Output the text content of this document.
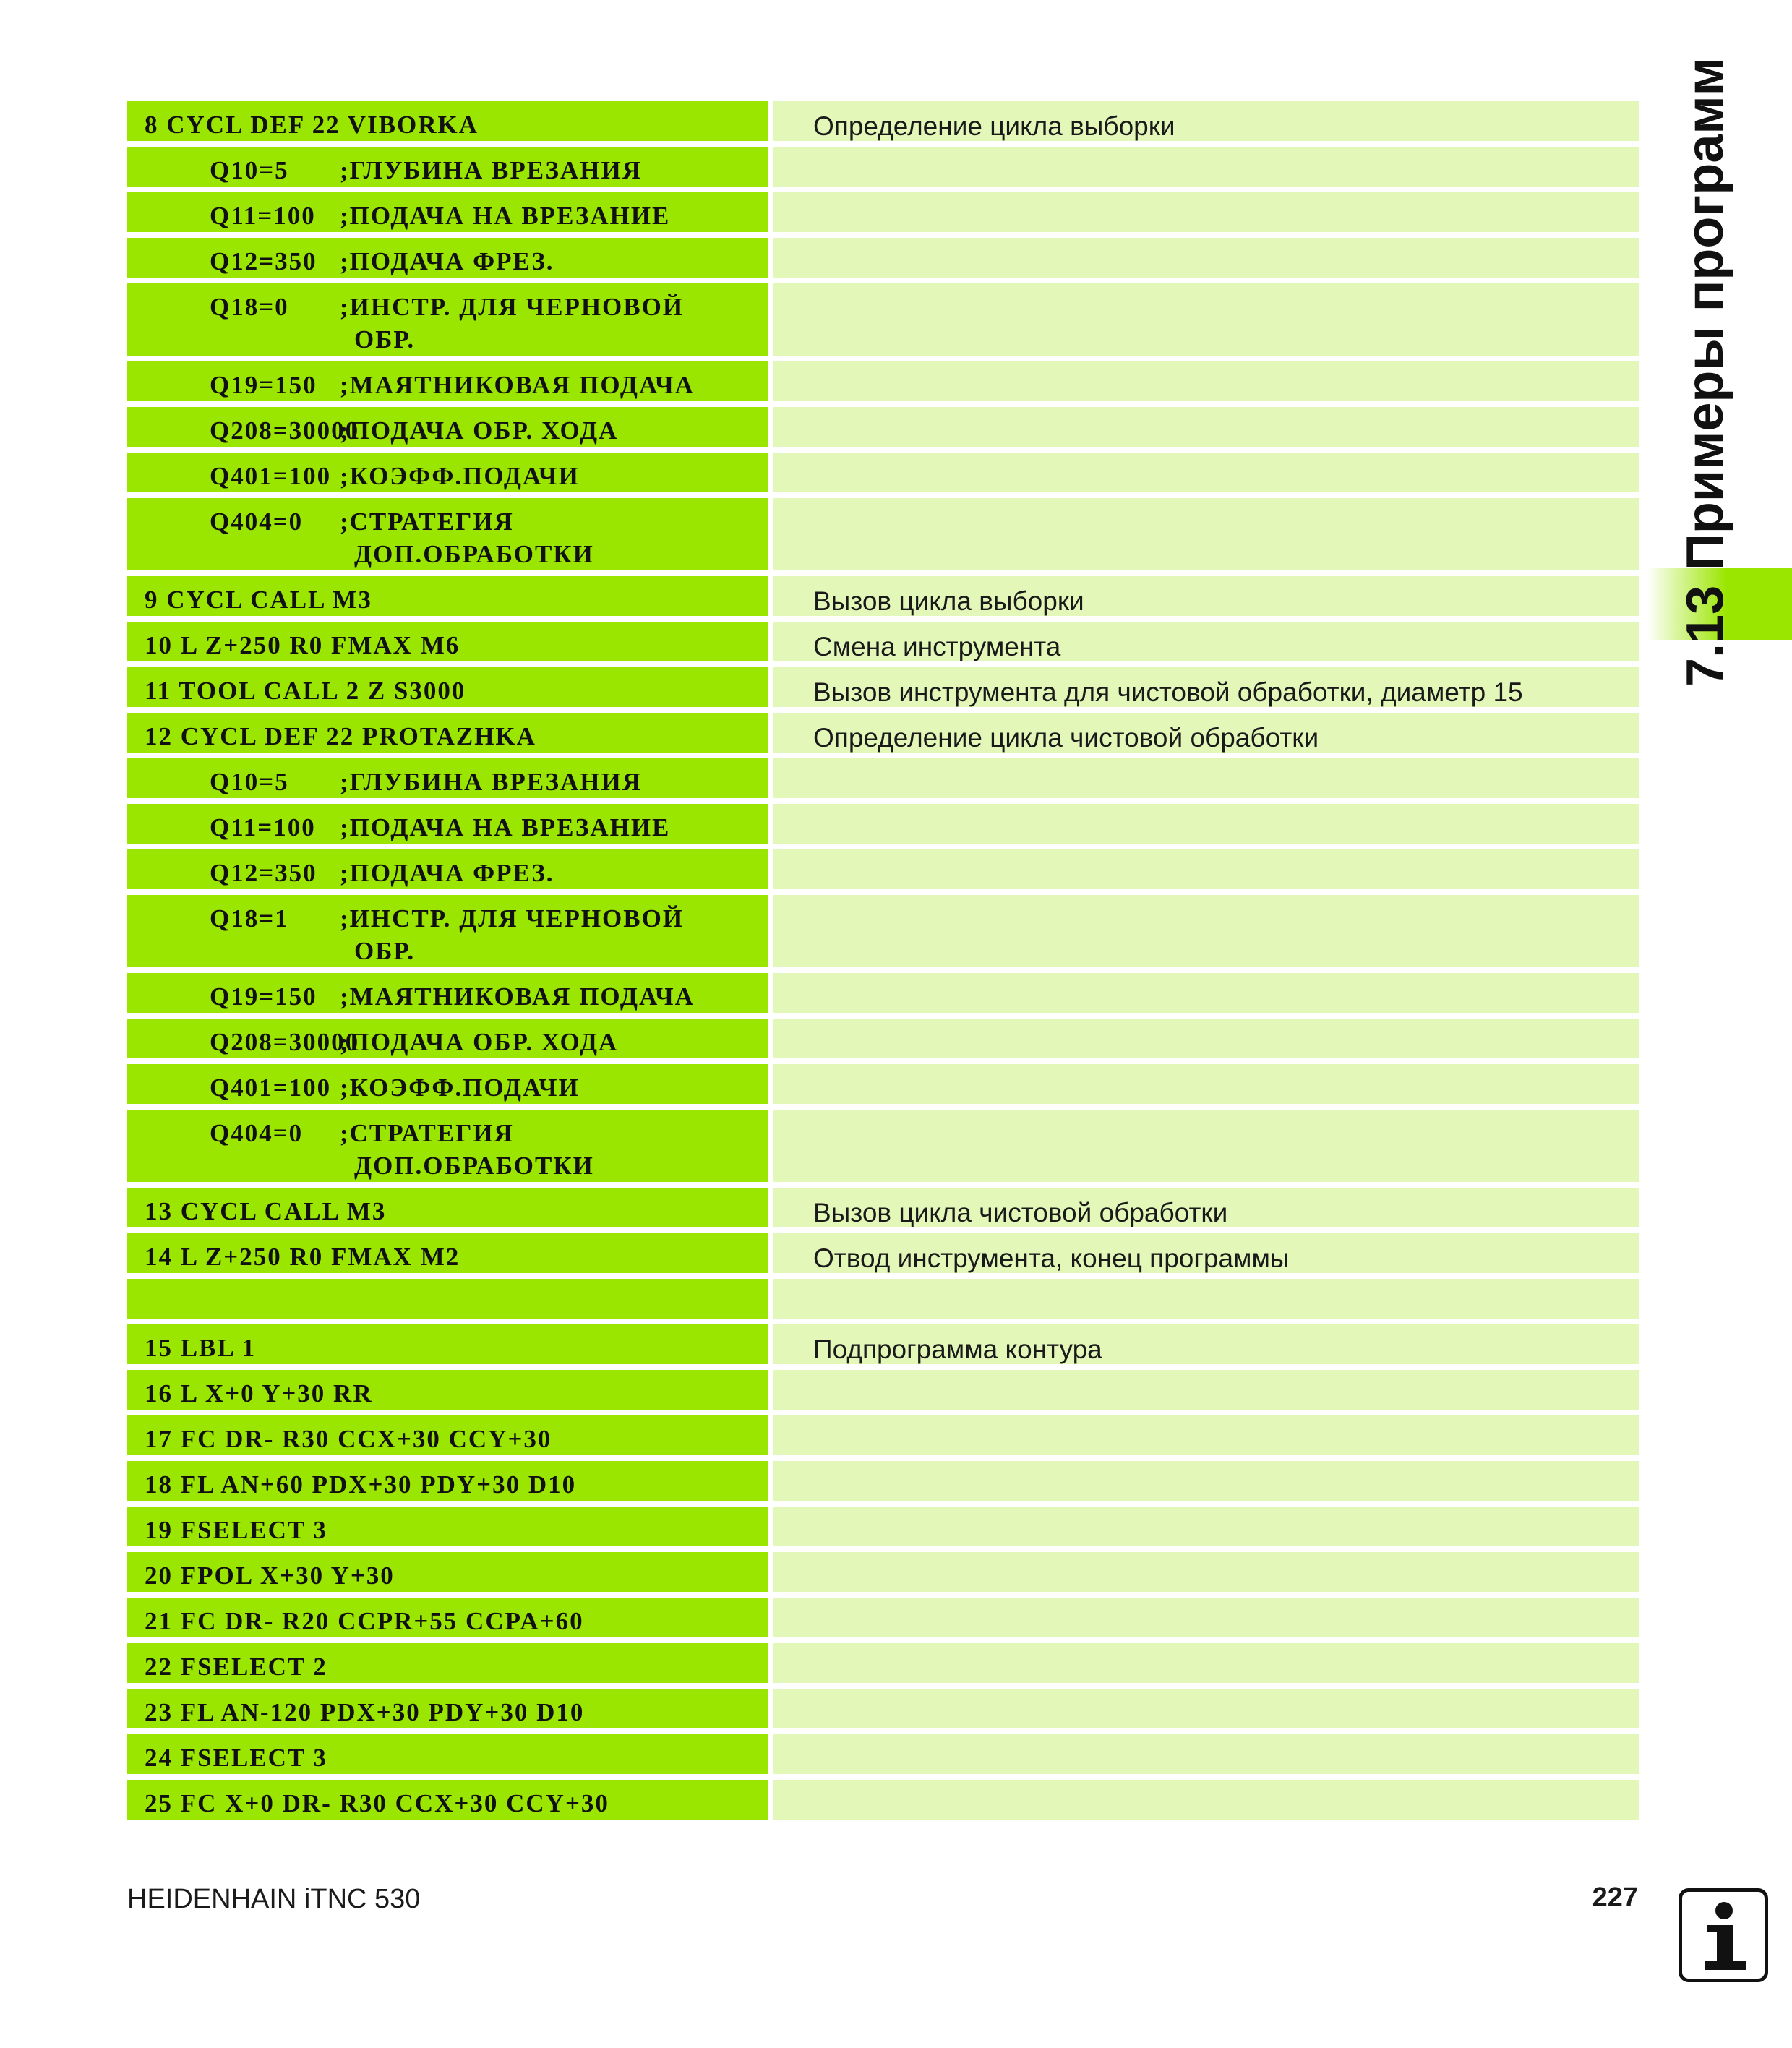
8 CYCL DEF 22 VIBORKA	Определение цикла выборки
Q10=5 ;ГЛУБИНА ВРЕЗАНИЯ
Q11=100 ;ПОДАЧА НА ВРЕЗАНИЕ
Q12=350 ;ПОДАЧА ФРЕЗ.
Q18=0 ;ИНСТР. ДЛЯ ЧЕРНОВОЙ
ОБР.
Q19=150 ;МАЯТНИКОВАЯ ПОДАЧА
Q208=30000;ПОДАЧА ОБР. ХОДА
Q401=100 ;КОЭФФ.ПОДАЧИ
Q404=0 ;СТРАТЕГИЯ
ДОП.ОБРАБОТКИ
9 CYCL CALL M3	Вызов цикла выборки
10 L Z+250 R0 FMAX M6	Смена инструмента
11 TOOL CALL 2 Z S3000	Вызов инструмента для чистовой обработки, диаметр 15
12 CYCL DEF 22 PROTAZHKA	Определение цикла чистовой обработки
Q10=5 ;ГЛУБИНА ВРЕЗАНИЯ
Q11=100 ;ПОДАЧА НА ВРЕЗАНИЕ
Q12=350 ;ПОДАЧА ФРЕЗ.
Q18=1 ;ИНСТР. ДЛЯ ЧЕРНОВОЙ
ОБР.
Q19=150 ;МАЯТНИКОВАЯ ПОДАЧА
Q208=30000;ПОДАЧА ОБР. ХОДА
Q401=100 ;КОЭФФ.ПОДАЧИ
Q404=0 ;СТРАТЕГИЯ
ДОП.ОБРАБОТКИ
13 CYCL CALL M3	Вызов цикла чистовой обработки
14 L Z+250 R0 FMAX M2	Отвод инструмента, конец программы
15 LBL 1	Подпрограмма контура
16 L X+0 Y+30 RR
17 FC DR- R30 CCX+30 CCY+30
18 FL AN+60 PDX+30 PDY+30 D10
19 FSELECT 3
20 FPOL X+30 Y+30
21 FC DR- R20 CCPR+55 CCPA+60
22 FSELECT 2
23 FL AN-120 PDX+30 PDY+30 D10
24 FSELECT 3
25 FC X+0 DR- R30 CCX+30 CCY+30
7.13 Примеры программ
HEIDENHAIN iTNC 530	227
